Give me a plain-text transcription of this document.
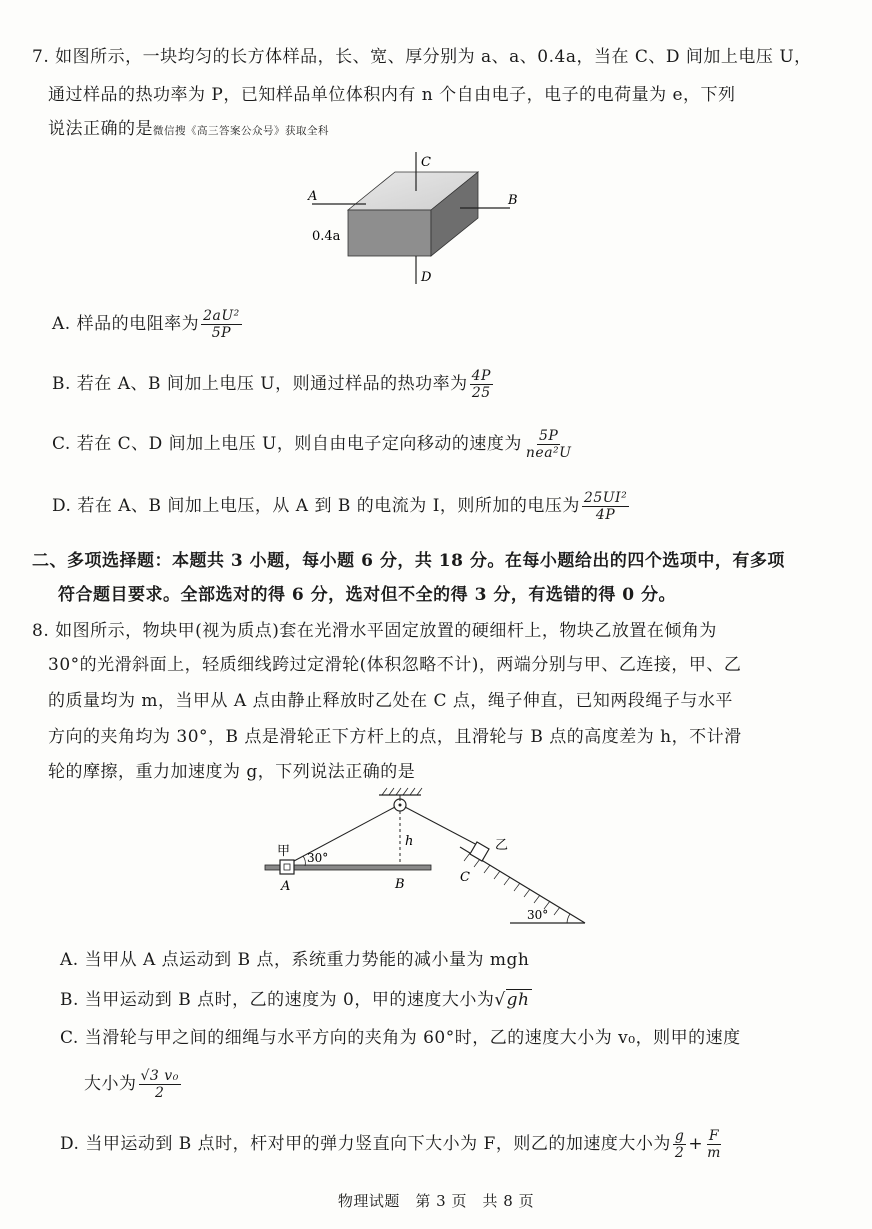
7. 如图所示，一块均匀的长方体样品，长、宽、厚分别为 a、a、0.4a，当在 C、D 间加上电压 U，
通过样品的热功率为 P，已知样品单位体积内有 n 个自由电子，电子的电荷量为 e，下列
说法正确的是微信搜《高三答案公众号》获取全科
C
D
A	B
0.4a
A. 样品的电阻率为 $\frac{\text{2aU²}}{5P}$
B. 若在 A、B 间加上电压 U，则通过样品的热功率为 $\frac{4P}{25}$
C. 若在 C、D 间加上电压 U，则自由电子定向移动的速度为 $\frac{5P}{\text{nea²U}}$
D. 若在 A、B 间加上电压，从 A 到 B 的电流为 I，则所加的电压为 $\frac{\text{25UI²}}{4P}$
二、多项选择题：本题共 3 小题，每小题 6 分，共 18 分。在每小题给出的四个选项中，有多项
符合题目要求。全部选对的得 6 分，选对但不全的得 3 分，有选错的得 0 分。
8. 如图所示，物块甲(视为质点)套在光滑水平固定放置的硬细杆上，物块乙放置在倾角为
30°的光滑斜面上，轻质细线跨过定滑轮(体积忽略不计)，两端分别与甲、乙连接，甲、乙
的质量均为 m，当甲从 A 点由静止释放时乙处在 C 点，绳子伸直，已知两段绳子与水平
方向的夹角均为 30°，B 点是滑轮正下方杆上的点，且滑轮与 B 点的高度差为 h，不计滑
轮的摩擦，重力加速度为 g，下列说法正确的是
甲	乙
30°
30°
h
A	B	C
A. 当甲从 A 点运动到 B 点，系统重力势能的减小量为 mgh
B. 当甲运动到 B 点时，乙的速度为 0，甲的速度大小为√gh
C. 当滑轮与甲之间的细绳与水平方向的夹角为 60°时，乙的速度大小为 v₀，则甲的速度
大小为 $\frac{\text{√3 v₀}}{2}$
D. 当甲运动到 B 点时，杆对甲的弹力竖直向下大小为 F，则乙的加速度大小为 $\frac{g}{2} + \frac{F}{m}$
物理试题　第 3 页　共 8 页
